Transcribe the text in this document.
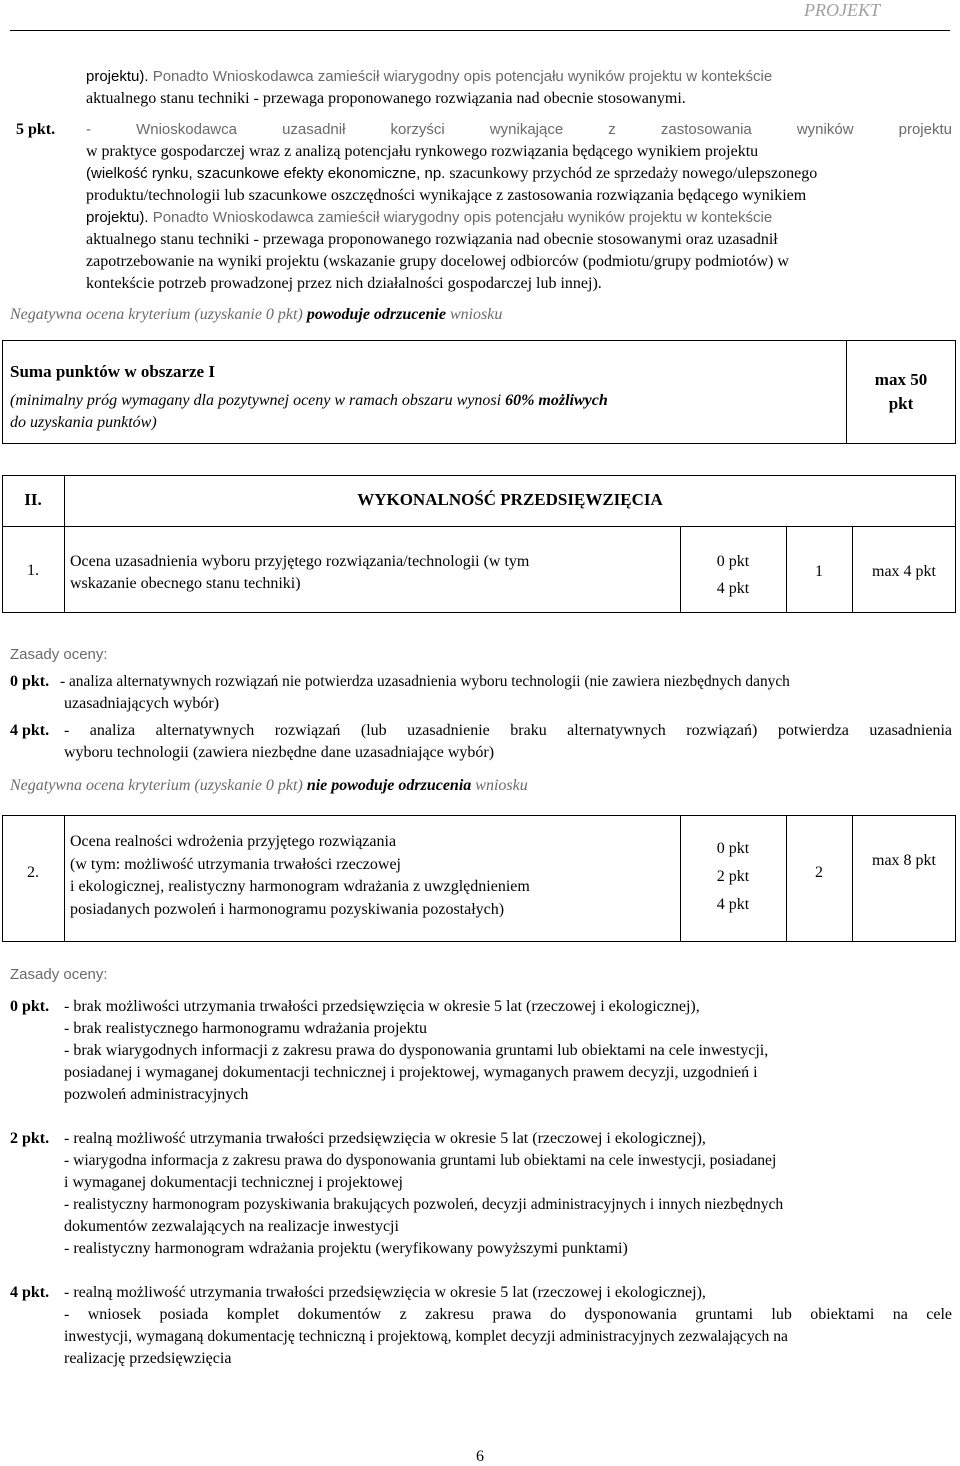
PROJEKT
projektu). Ponadto Wnioskodawca zamieścił wiarygodny opis potencjału wyników projektu w kontekście
aktualnego stanu techniki - przewaga proponowanego rozwiązania nad obecnie stosowanymi.
5 pkt. - Wnioskodawca uzasadnił korzyści wynikające z zastosowania wyników projektu
w praktyce gospodarczej wraz z analizą potencjału rynkowego rozwiązania będącego wynikiem projektu
(wielkość rynku, szacunkowe efekty ekonomiczne, np. szacunkowy przychód ze sprzedaży nowego/ulepszonego
produktu/technologii lub szacunkowe oszczędności wynikające z zastosowania rozwiązania będącego wynikiem
projektu). Ponadto Wnioskodawca zamieścił wiarygodny opis potencjału wyników projektu w kontekście
aktualnego stanu techniki - przewaga proponowanego rozwiązania nad obecnie stosowanymi oraz uzasadnił
zapotrzebowanie na wyniki projektu (wskazanie grupy docelowej odbiorców (podmiotu/grupy podmiotów) w
kontekście potrzeb prowadzonej przez nich działalności gospodarczej lub innej).
Negatywna ocena kryterium (uzyskanie 0 pkt) powoduje odrzucenie wniosku
Suma punktów w obszarze I
(minimalny próg wymagany dla pozytywnej oceny w ramach obszaru wynosi 60% możliwych
do uzyskania punktów)
max 50
pkt
II.	WYKONALNOŚĆ PRZEDSIĘWZIĘCIA
1.
Ocena uzasadnienia wyboru przyjętego rozwiązania/technologii (w tym
wskazanie obecnego stanu techniki)
0 pkt
4 pkt
1	max 4 pkt
Zasady oceny:
0 pkt. - analiza alternatywnych rozwiązań nie potwierdza uzasadnienia wyboru technologii (nie zawiera niezbędnych danych
uzasadniających wybór)
4 pkt. - analiza alternatywnych rozwiązań (lub uzasadnienie braku alternatywnych rozwiązań) potwierdza uzasadnienia
wyboru technologii (zawiera niezbędne dane uzasadniające wybór)
Negatywna ocena kryterium (uzyskanie 0 pkt) nie powoduje odrzucenia wniosku
2.
Ocena realności wdrożenia przyjętego rozwiązania
(w tym: możliwość utrzymania trwałości rzeczowej
i ekologicznej, realistyczny harmonogram wdrażania z uwzględnieniem
posiadanych pozwoleń i harmonogramu pozyskiwania pozostałych)
0 pkt
2 pkt
4 pkt
2
max 8 pkt
Zasady oceny:
0 pkt. - brak możliwości utrzymania trwałości przedsięwzięcia w okresie 5 lat (rzeczowej i ekologicznej),
- brak realistycznego harmonogramu wdrażania projektu
- brak wiarygodnych informacji z zakresu prawa do dysponowania gruntami lub obiektami na cele inwestycji,
posiadanej i wymaganej dokumentacji technicznej i projektowej, wymaganych prawem decyzji, uzgodnień i
pozwoleń administracyjnych
2 pkt. - realną możliwość utrzymania trwałości przedsięwzięcia w okresie 5 lat (rzeczowej i ekologicznej),
- wiarygodna informacja z zakresu prawa do dysponowania gruntami lub obiektami na cele inwestycji, posiadanej
i wymaganej dokumentacji technicznej i projektowej
- realistyczny harmonogram pozyskiwania brakujących pozwoleń, decyzji administracyjnych i innych niezbędnych
dokumentów zezwalających na realizacje inwestycji
- realistyczny harmonogram wdrażania projektu (weryfikowany powyższymi punktami)
4 pkt. - realną możliwość utrzymania trwałości przedsięwzięcia w okresie 5 lat (rzeczowej i ekologicznej),
- wniosek posiada komplet dokumentów z zakresu prawa do dysponowania gruntami lub obiektami na cele
inwestycji, wymaganą dokumentację techniczną i projektową, komplet decyzji administracyjnych zezwalających na
realizację przedsięwzięcia
6
